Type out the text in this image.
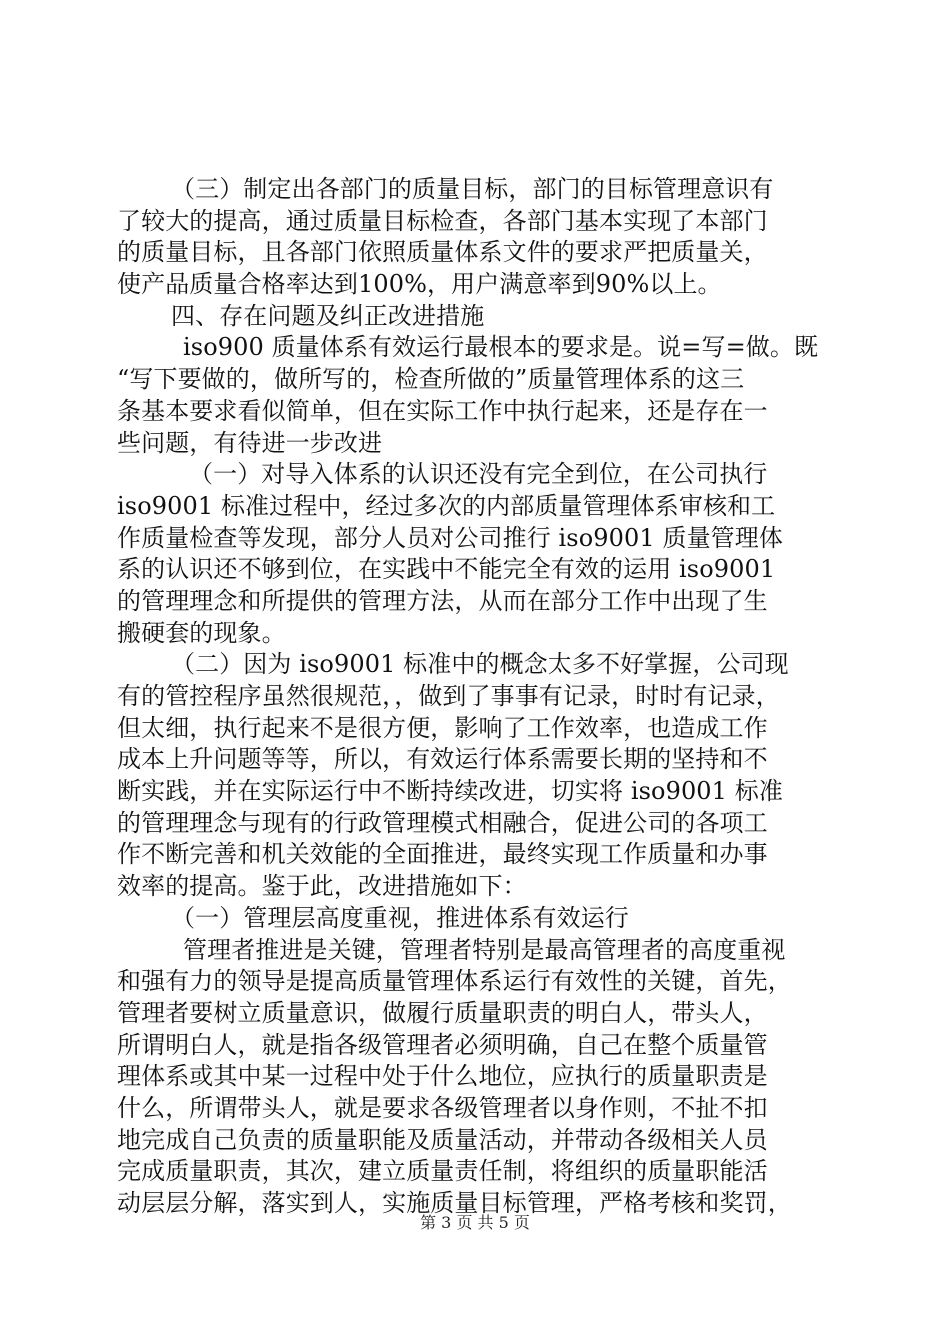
（三）制定出各部门的质量目标，部门的目标管理意识有
了较大的提高，通过质量目标检查，各部门基本实现了本部门
的质量目标，且各部门依照质量体系文件的要求严把质量关，
使产品质量合格率达到100%，用户满意率到90%以上。
四、存在问题及纠正改进措施
iso900 质量体系有效运行最根本的要求是。说=写=做。既
“写下要做的，做所写的，检查所做的”质量管理体系的这三
条基本要求看似简单，但在实际工作中执行起来，还是存在一
些问题，有待进一步改进
（一）对导入体系的认识还没有完全到位，在公司执行
iso9001 标准过程中，经过多次的内部质量管理体系审核和工
作质量检查等发现，部分人员对公司推行 iso9001 质量管理体
系的认识还不够到位，在实践中不能完全有效的运用 iso9001
的管理理念和所提供的管理方法，从而在部分工作中出现了生
搬硬套的现象。
（二）因为 iso9001 标准中的概念太多不好掌握，公司现
有的管控程序虽然很规范，，做到了事事有记录，时时有记录，
但太细，执行起来不是很方便，影响了工作效率，也造成工作
成本上升问题等等，所以，有效运行体系需要长期的坚持和不
断实践，并在实际运行中不断持续改进，切实将 iso9001 标准
的管理理念与现有的行政管理模式相融合，促进公司的各项工
作不断完善和机关效能的全面推进，最终实现工作质量和办事
效率的提高。鉴于此，改进措施如下：
（一）管理层高度重视，推进体系有效运行
管理者推进是关键，管理者特别是最高管理者的高度重视
和强有力的领导是提高质量管理体系运行有效性的关键，首先，
管理者要树立质量意识，做履行质量职责的明白人，带头人，
所谓明白人，就是指各级管理者必须明确，自己在整个质量管
理体系或其中某一过程中处于什么地位，应执行的质量职责是
什么，所谓带头人，就是要求各级管理者以身作则，不扯不扣
地完成自己负责的质量职能及质量活动，并带动各级相关人员
完成质量职责，其次，建立质量责任制，将组织的质量职能活
动层层分解，落实到人，实施质量目标管理，严格考核和奖罚，
第 3 页 共 5 页
